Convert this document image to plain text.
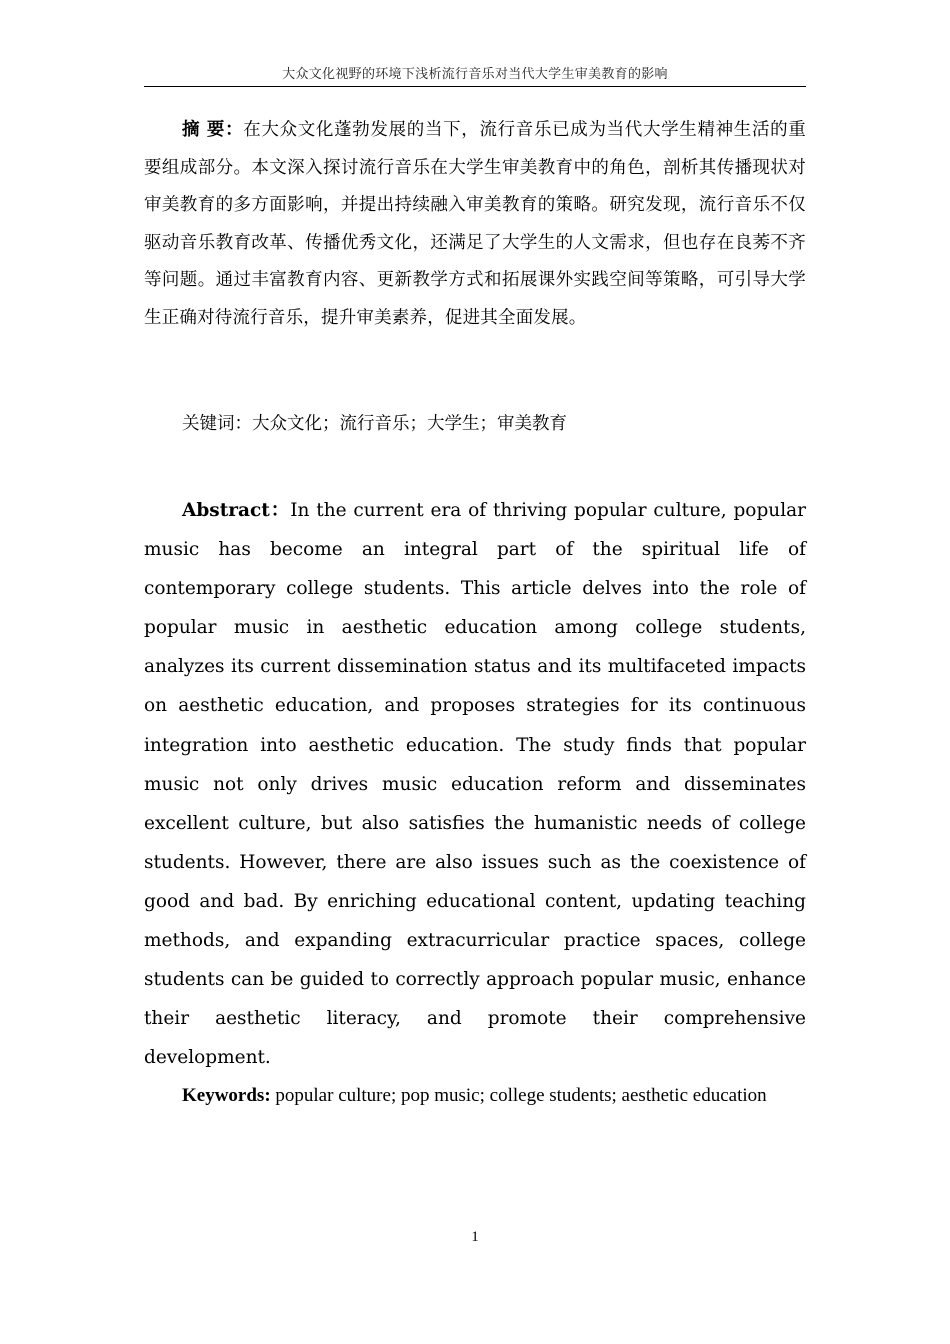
大众文化视野的环境下浅析流行音乐对当代大学生审美教育的影响

摘 要：在大众文化蓬勃发展的当下，流行音乐已成为当代大学生精神生活的重要组成部分。本文深入探讨流行音乐在大学生审美教育中的角色，剖析其传播现状对审美教育的多方面影响，并提出持续融入审美教育的策略。研究发现，流行音乐不仅驱动音乐教育改革、传播优秀文化，还满足了大学生的人文需求，但也存在良莠不齐等问题。通过丰富教育内容、更新教学方式和拓展课外实践空间等策略，可引导大学生正确对待流行音乐，提升审美素养，促进其全面发展。

关键词：大众文化；流行音乐；大学生；审美教育

Abstract：In the current era of thriving popular culture, popular music has become an integral part of the spiritual life of contemporary college students. This article delves into the role of popular music in aesthetic education among college students, analyzes its current dissemination status and its multifaceted impacts on aesthetic education, and proposes strategies for its continuous integration into aesthetic education. The study finds that popular music not only drives music education reform and disseminates excellent culture, but also satisfies the humanistic needs of college students. However, there are also issues such as the coexistence of good and bad. By enriching educational content, updating teaching methods, and expanding extracurricular practice spaces, college students can be guided to correctly approach popular music, enhance their aesthetic literacy, and promote their comprehensive development.

Keywords: popular culture; pop music; college students; aesthetic education

1
